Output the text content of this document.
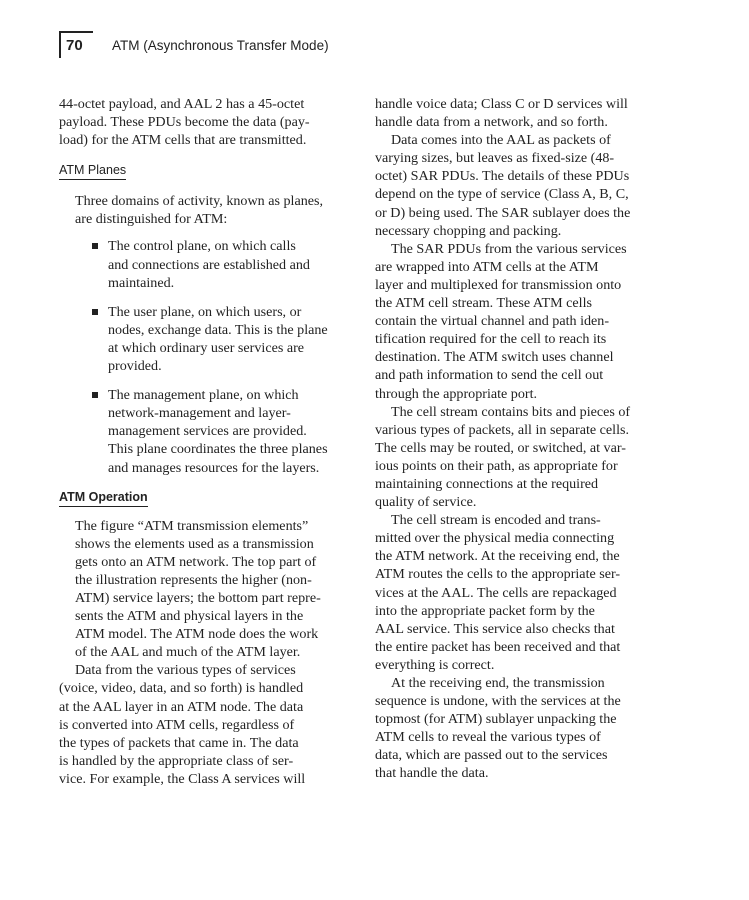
70 ATM (Asynchronous Transfer Mode)

44-octet payload, and AAL 2 has a 45-octet
payload. These PDUs become the data (pay-
load) for the ATM cells that are transmitted.

ATM Planes

Three domains of activity, known as planes,
are distinguished for ATM:

The control plane, on which calls
and connections are established and
maintained.
The user plane, on which users, or
nodes, exchange data. This is the plane
at which ordinary user services are
provided.
The management plane, on which
network-management and layer-
management services are provided.
This plane coordinates the three planes
and manages resources for the layers.
ATM Operation

The figure “ATM transmission elements”
shows the elements used as a transmission
gets onto an ATM network. The top part of
the illustration represents the higher (non-
ATM) service layers; the bottom part repre-
sents the ATM and physical layers in the
ATM model. The ATM node does the work
of the AAL and much of the ATM layer.

Data from the various types of services
(voice, video, data, and so forth) is handled
at the AAL layer in an ATM node. The data
is converted into ATM cells, regardless of
the types of packets that came in. The data
is handled by the appropriate class of ser-
vice. For example, the Class A services will

handle voice data; Class C or D services will
handle data from a network, and so forth.

Data comes into the AAL as packets of
varying sizes, but leaves as fixed-size (48-
octet) SAR PDUs. The details of these PDUs
depend on the type of service (Class A, B, C,
or D) being used. The SAR sublayer does the
necessary chopping and packing.

The SAR PDUs from the various services
are wrapped into ATM cells at the ATM
layer and multiplexed for transmission onto
the ATM cell stream. These ATM cells
contain the virtual channel and path iden-
tification required for the cell to reach its
destination. The ATM switch uses channel
and path information to send the cell out
through the appropriate port.

The cell stream contains bits and pieces of
various types of packets, all in separate cells.
The cells may be routed, or switched, at var-
ious points on their path, as appropriate for
maintaining connections at the required
quality of service.

The cell stream is encoded and trans-
mitted over the physical media connecting
the ATM network. At the receiving end, the
ATM routes the cells to the appropriate ser-
vices at the AAL. The cells are repackaged
into the appropriate packet form by the
AAL service. This service also checks that
the entire packet has been received and that
everything is correct.

At the receiving end, the transmission
sequence is undone, with the services at the
topmost (for ATM) sublayer unpacking the
ATM cells to reveal the various types of
data, which are passed out to the services
that handle the data.
